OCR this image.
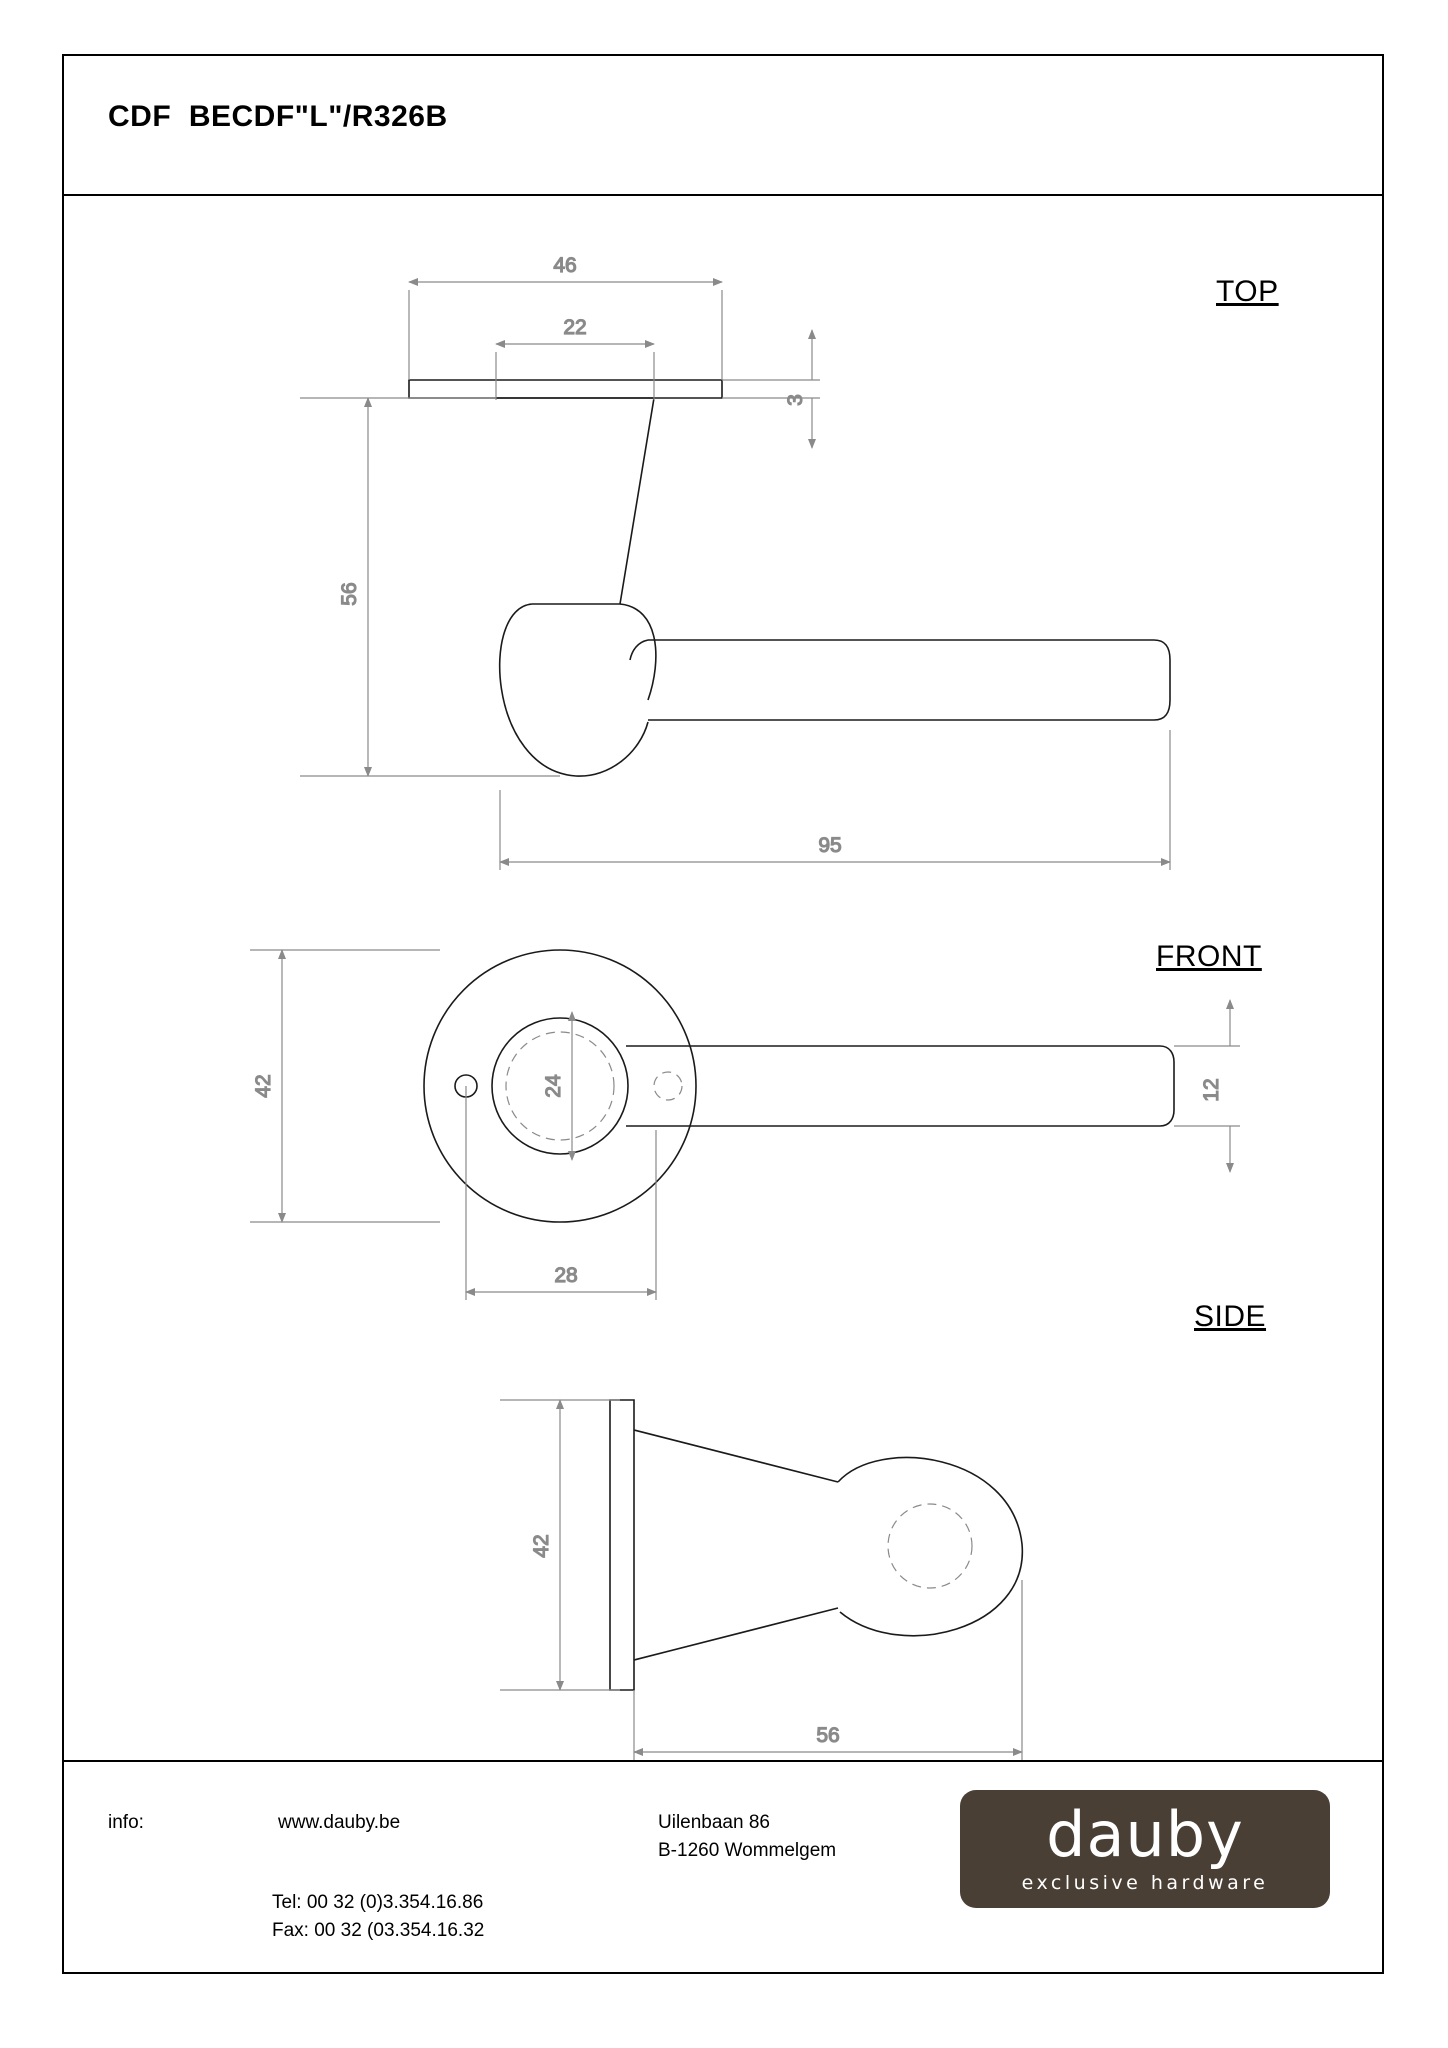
CDF  BECDF"L"/R326B
TOP
FRONT
SIDE
info:	www.dauby.be
Tel: 00 32 (0)3.354.16.86
Fax: 00 32 (03.354.16.32
Uilenbaan 86
B-1260 Wommelgem	dauby
exclusive hardware
46
22
3
56
95
42	24	12
28
42
56
